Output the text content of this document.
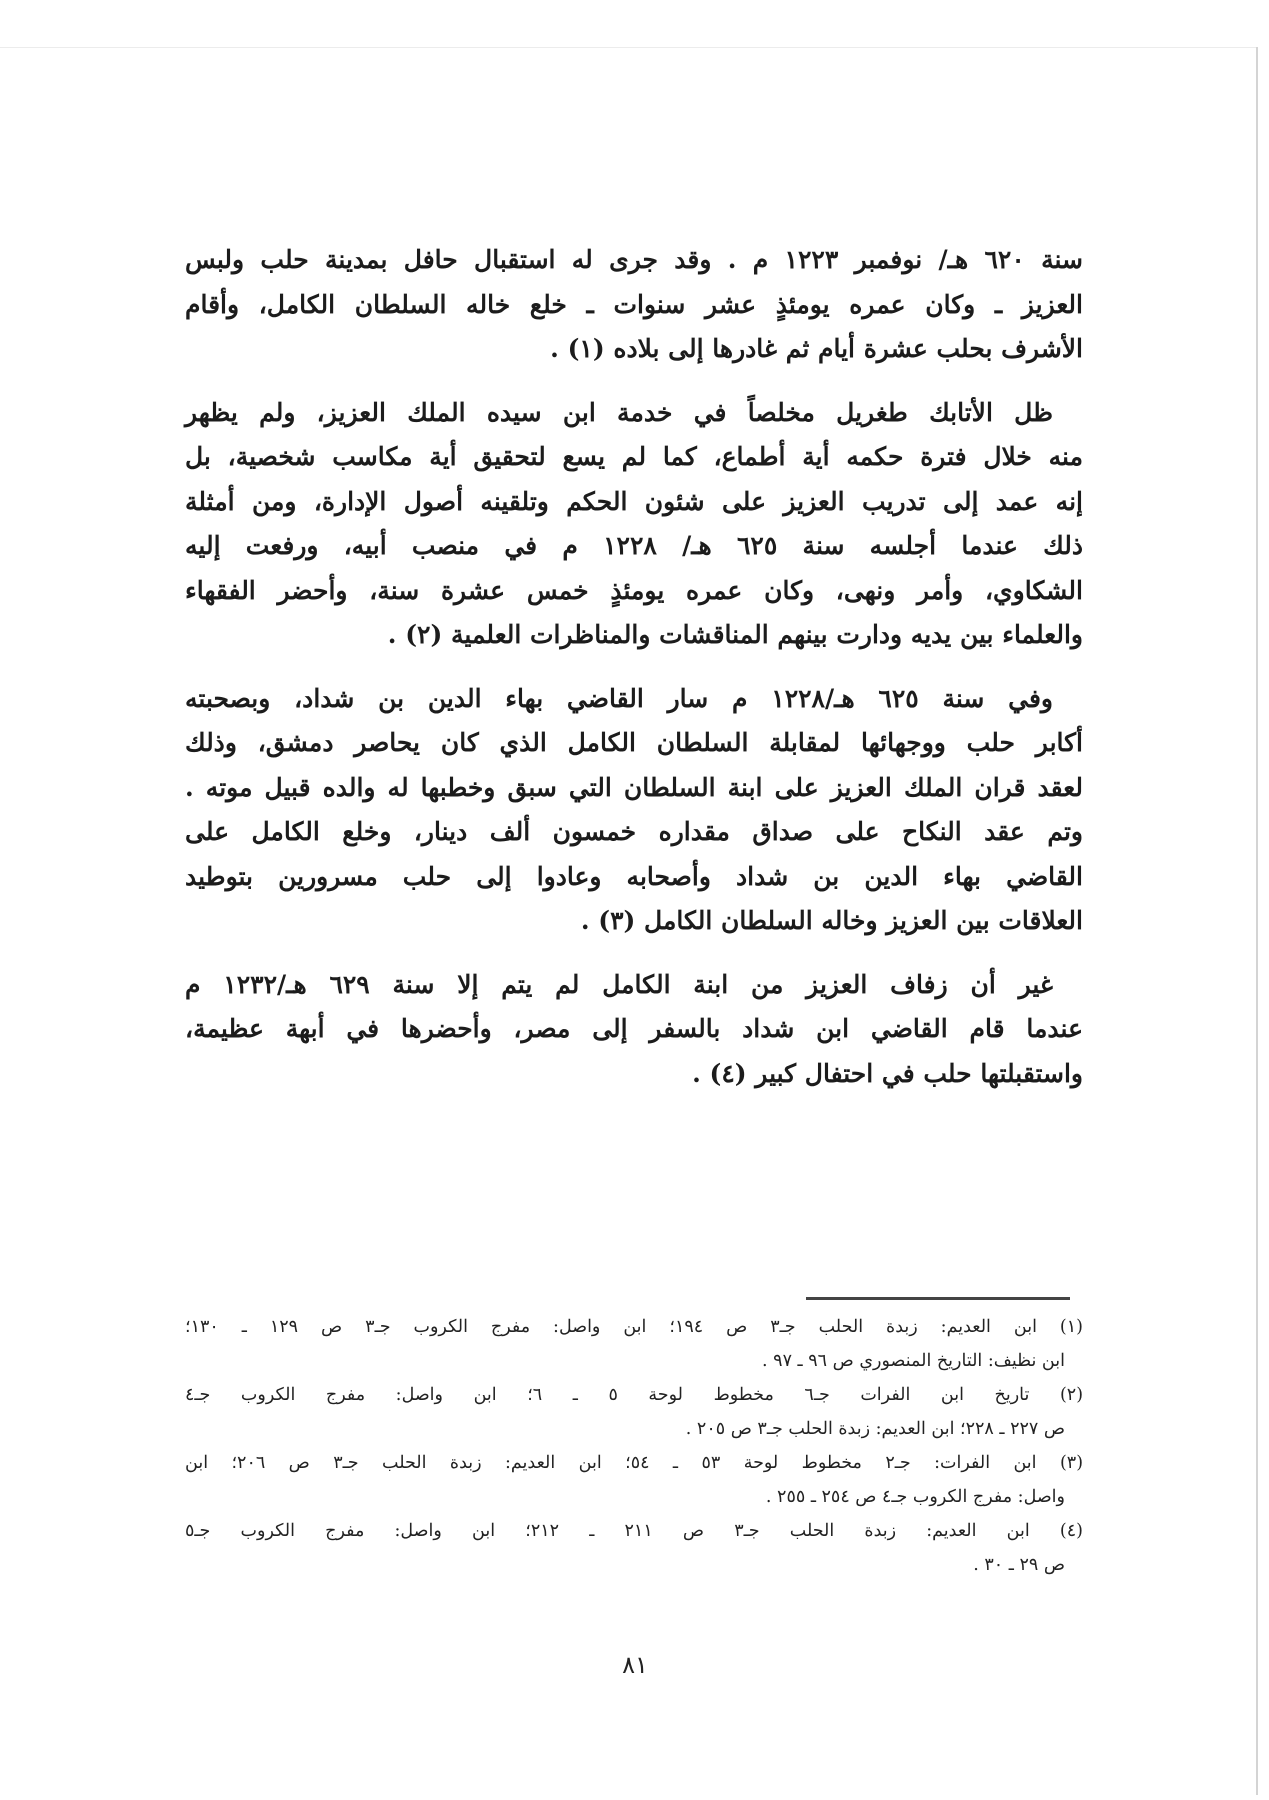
سنة ٦٢٠ هـ/ نوفمبر ١٢٢٣ م . وقد جرى له استقبال حافل بمدينة حلب ولبس
العزيز ـ وكان عمره يومئذٍ عشر سنوات ـ خلع خاله السلطان الكامل، وأقام
الأشرف بحلب عشرة أيام ثم غادرها إلى بلاده (١) .

ظل الأتابك طغريل مخلصاً في خدمة ابن سيده الملك العزيز، ولم يظهر
منه خلال فترة حكمه أية أطماع، كما لم يسع لتحقيق أية مكاسب شخصية، بل
إنه عمد إلى تدريب العزيز على شئون الحكم وتلقينه أصول الإدارة، ومن أمثلة
ذلك عندما أجلسه سنة ٦٢٥ هـ/ ١٢٢٨ م في منصب أبيه، ورفعت إليه
الشكاوي، وأمر ونهى، وكان عمره يومئذٍ خمس عشرة سنة، وأحضر الفقهاء
والعلماء بين يديه ودارت بينهم المناقشات والمناظرات العلمية (٢) .

وفي سنة ٦٢٥ هـ/١٢٢٨ م سار القاضي بهاء الدين بن شداد، وبصحبته
أكابر حلب ووجهائها لمقابلة السلطان الكامل الذي كان يحاصر دمشق، وذلك
لعقد قران الملك العزيز على ابنة السلطان التي سبق وخطبها له والده قبيل موته .
وتم عقد النكاح على صداق مقداره خمسون ألف دينار، وخلع الكامل على
القاضي بهاء الدين بن شداد وأصحابه وعادوا إلى حلب مسرورين بتوطيد
العلاقات بين العزيز وخاله السلطان الكامل (٣) .

غير أن زفاف العزيز من ابنة الكامل لم يتم إلا سنة ٦٢٩ هـ/١٢٣٢ م
عندما قام القاضي ابن شداد بالسفر إلى مصر، وأحضرها في أبهة عظيمة،
واستقبلتها حلب في احتفال كبير (٤) .

(١) ابن العديم: زبدة الحلب جـ٣ ص ١٩٤؛ ابن واصل: مفرج الكروب جـ٣ ص ١٢٩ ـ ١٣٠؛
ابن نظيف: التاريخ المنصوري ص ٩٦ ـ ٩٧ .

(٢) تاريخ ابن الفرات جـ٦ مخطوط لوحة ٥ ـ ٦؛ ابن واصل: مفرج الكروب جـ٤
ص ٢٢٧ ـ ٢٢٨؛ ابن العديم: زبدة الحلب جـ٣ ص ٢٠٥ .

(٣) ابن الفرات: جـ٢ مخطوط لوحة ٥٣ ـ ٥٤؛ ابن العديم: زبدة الحلب جـ٣ ص ٢٠٦؛ ابن
واصل: مفرج الكروب جـ٤ ص ٢٥٤ ـ ٢٥٥ .

(٤) ابن العديم: زبدة الحلب جـ٣ ص ٢١١ ـ ٢١٢؛ ابن واصل: مفرج الكروب جـ٥
ص ٢٩ ـ ٣٠ .

٨١
